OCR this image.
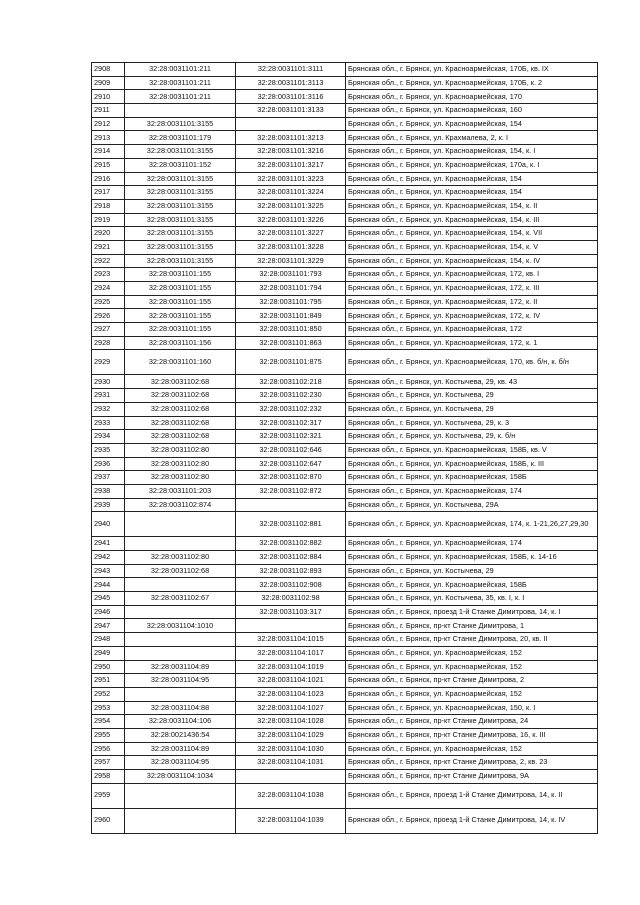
2908	32:28:0031101:211	32:28:0031101:3111	Брянская обл., г. Брянск, ул. Красноармейская, 170Б, кв. IX
2909	32:28:0031101:211	32:28:0031101:3113	Брянская обл., г. Брянск, ул. Красноармейская, 170Б, к. 2
2910	32:28:0031101:211	32:28:0031101:3116	Брянская обл., г. Брянск, ул. Красноармейская, 170
2911		32:28:0031101:3133	Брянская обл., г. Брянск, ул. Красноармейская, 160
2912	32:28:0031101:3155		Брянская обл., г. Брянск, ул. Красноармейская, 154
2913	32:28:0031101:179	32:28:0031101:3213	Брянская обл., г. Брянск, ул. Крахмалева, 2, к. I
2914	32:28:0031101:3155	32:28:0031101:3216	Брянская обл., г. Брянск, ул. Красноармейская, 154, к. I
2915	32:28:0031101:152	32:28:0031101:3217	Брянская обл., г. Брянск, ул. Красноармейская, 170а, к. I
2916	32:28:0031101:3155	32:28:0031101:3223	Брянская обл., г. Брянск, ул. Красноармейская, 154
2917	32:28:0031101:3155	32:28:0031101:3224	Брянская обл., г. Брянск, ул. Красноармейская, 154
2918	32:28:0031101:3155	32:28:0031101:3225	Брянская обл., г. Брянск, ул. Красноармейская, 154, к. II
2919	32:28:0031101:3155	32:28:0031101:3226	Брянская обл., г. Брянск, ул. Красноармейская, 154, к. III
2920	32:28:0031101:3155	32:28:0031101:3227	Брянская обл., г. Брянск, ул. Красноармейская, 154, к. VII
2921	32:28:0031101:3155	32:28:0031101:3228	Брянская обл., г. Брянск, ул. Красноармейская, 154, к. V
2922	32:28:0031101:3155	32:28:0031101:3229	Брянская обл., г. Брянск, ул. Красноармейская, 154, к. IV
2923	32:28:0031101:155	32:28:0031101:793	Брянская обл., г. Брянск, ул. Красноармейская, 172, кв. I
2924	32:28:0031101:155	32:28:0031101:794	Брянская обл., г. Брянск, ул. Красноармейская, 172, к. III
2925	32:28:0031101:155	32:28:0031101:795	Брянская обл., г. Брянск, ул. Красноармейская, 172, к. II
2926	32:28:0031101:155	32:28:0031101:849	Брянская обл., г. Брянск, ул. Красноармейская, 172, к. IV
2927	32:28:0031101:155	32:28:0031101:850	Брянская обл., г. Брянск, ул. Красноармейская, 172
2928	32:28:0031101:156	32:28:0031101:863	Брянская обл., г. Брянск, ул. Красноармейская, 172, к. 1
2929	32:28:0031101:160	32:28:0031101:875	Брянская обл., г. Брянск, ул. Красноармейская, 170, кв. б/н, к. б/н
2930	32:28:0031102:68	32:28:0031102:218	Брянская обл., г. Брянск, ул. Костычева, 29, кв. 43
2931	32:28:0031102:68	32:28:0031102:230	Брянская обл., г. Брянск, ул. Костычева, 29
2932	32:28:0031102:68	32:28:0031102:232	Брянская обл., г. Брянск, ул. Костычева, 29
2933	32:28:0031102:68	32:28:0031102:317	Брянская обл., г. Брянск, ул. Костычева, 29, к. 3
2934	32:28:0031102:68	32:28:0031102:321	Брянская обл., г. Брянск, ул. Костычева, 29, к. б/н
2935	32:28:0031102:80	32:28:0031102:646	Брянская обл., г. Брянск, ул. Красноармейская, 158Б, кв. V
2936	32:28:0031102:80	32:28:0031102:647	Брянская обл., г. Брянск, ул. Красноармейская, 158Б, к. III
2937	32:28:0031102:80	32:28:0031102:870	Брянская обл., г. Брянск, ул. Красноармейская, 158Б
2938	32:28:0031101:203	32:28:0031102:872	Брянская обл., г. Брянск, ул. Красноармейская, 174
2939	32:28:0031102:874		Брянская обл., г. Брянск, ул. Костычева, 29А
2940		32:28:0031102:881	Брянская обл., г. Брянск, ул. Красноармейская, 174, к. 1-21,26,27,29,30
2941		32:28:0031102:882	Брянская обл., г. Брянск, ул. Красноармейская, 174
2942	32:28:0031102:80	32:28:0031102:884	Брянская обл., г. Брянск, ул. Красноармейская, 158Б, к. 14-16
2943	32:28:0031102:68	32:28:0031102:893	Брянская обл., г. Брянск, ул. Костычева, 29
2944		32:28:0031102:908	Брянская обл., г. Брянск, ул. Красноармейская, 158Б
2945	32:28:0031102:67	32:28:0031102:98	Брянская обл., г. Брянск, ул. Костычева, 35, кв. I, к. I
2946		32:28:0031103:317	Брянская обл., г. Брянск, проезд 1-й Станке Димитрова, 14, к. I
2947	32:28:0031104:1010		Брянская обл., г. Брянск, пр-кт Станке Димитрова, 1
2948		32:28:0031104:1015	Брянская обл., г. Брянск, пр-кт Станке Димитрова, 20, кв. II
2949		32:28:0031104:1017	Брянская обл., г. Брянск, ул. Красноармейская, 152
2950	32:28:0031104:89	32:28:0031104:1019	Брянская обл., г. Брянск, ул. Красноармейская, 152
2951	32:28:0031104:95	32:28:0031104:1021	Брянская обл., г. Брянск, пр-кт Станке Димитрова, 2
2952		32:28:0031104:1023	Брянская обл., г. Брянск, ул. Красноармейская, 152
2953	32:28:0031104:88	32:28:0031104:1027	Брянская обл., г. Брянск, ул. Красноармейская, 150, к. I
2954	32:28:0031104:106	32:28:0031104:1028	Брянская обл., г. Брянск, пр-кт Станке Димитрова, 24
2955	32:28:0021436:54	32:28:0031104:1029	Брянская обл., г. Брянск, пр-кт Станке Димитрова, 16, к. III
2956	32:28:0031104:89	32:28:0031104:1030	Брянская обл., г. Брянск, ул. Красноармейская, 152
2957	32:28:0031104:95	32:28:0031104:1031	Брянская обл., г. Брянск, пр-кт Станке Димитрова, 2, кв. 23
2958	32:28:0031104:1034		Брянская обл., г. Брянск, пр-кт Станке Димитрова, 9А
2959		32:28:0031104:1038	Брянская обл., г. Брянск, проезд 1-й Станке Димитрова, 14, к. II
2960		32:28:0031104:1039	Брянская обл., г. Брянск, проезд 1-й Станке Димитрова, 14, к. IV
